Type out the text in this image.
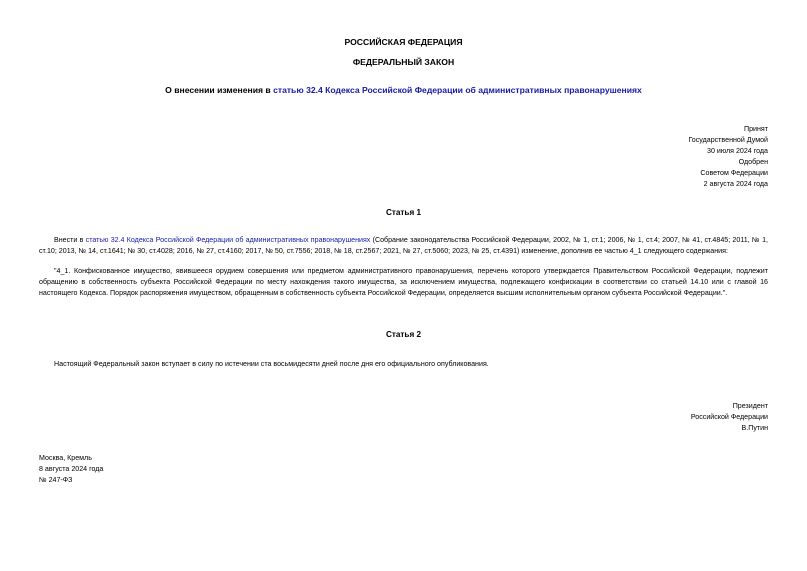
РОССИЙСКАЯ ФЕДЕРАЦИЯ
ФЕДЕРАЛЬНЫЙ ЗАКОН
О внесении изменения в статью 32.4 Кодекса Российской Федерации об административных правонарушениях
Принят
Государственной Думой
30 июля 2024 года
Одобрен
Советом Федерации
2 августа 2024 года
Статья 1
Внести в статью 32.4 Кодекса Российской Федерации об административных правонарушениях (Собрание законодательства Российской Федерации, 2002, № 1, ст.1; 2006, № 1, ст.4; 2007, № 41, ст.4845; 2011, № 1, ст.10; 2013, № 14, ст.1641; № 30, ст.4028; 2016, № 27, ст.4160; 2017, № 50, ст.7556; 2018, № 18, ст.2567; 2021, № 27, ст.5060; 2023, № 25, ст.4391) изменение, дополнив ее частью 4_1 следующего содержания:
"4_1. Конфискованное имущество, явившееся орудием совершения или предметом административного правонарушения, перечень которого утверждается Правительством Российской Федерации, подлежит обращению в собственность субъекта Российской Федерации по месту нахождения такого имущества, за исключением имущества, подлежащего конфискации в соответствии со статьей 14.10 или с главой 16 настоящего Кодекса. Порядок распоряжения имуществом, обращенным в собственность субъекта Российской Федерации, определяется высшим исполнительным органом субъекта Российской Федерации.".
Статья 2
Настоящий Федеральный закон вступает в силу по истечении ста восьмидесяти дней после дня его официального опубликования.
Президент
Российской Федерации
В.Путин
Москва, Кремль
8 августа 2024 года
№ 247-ФЗ
